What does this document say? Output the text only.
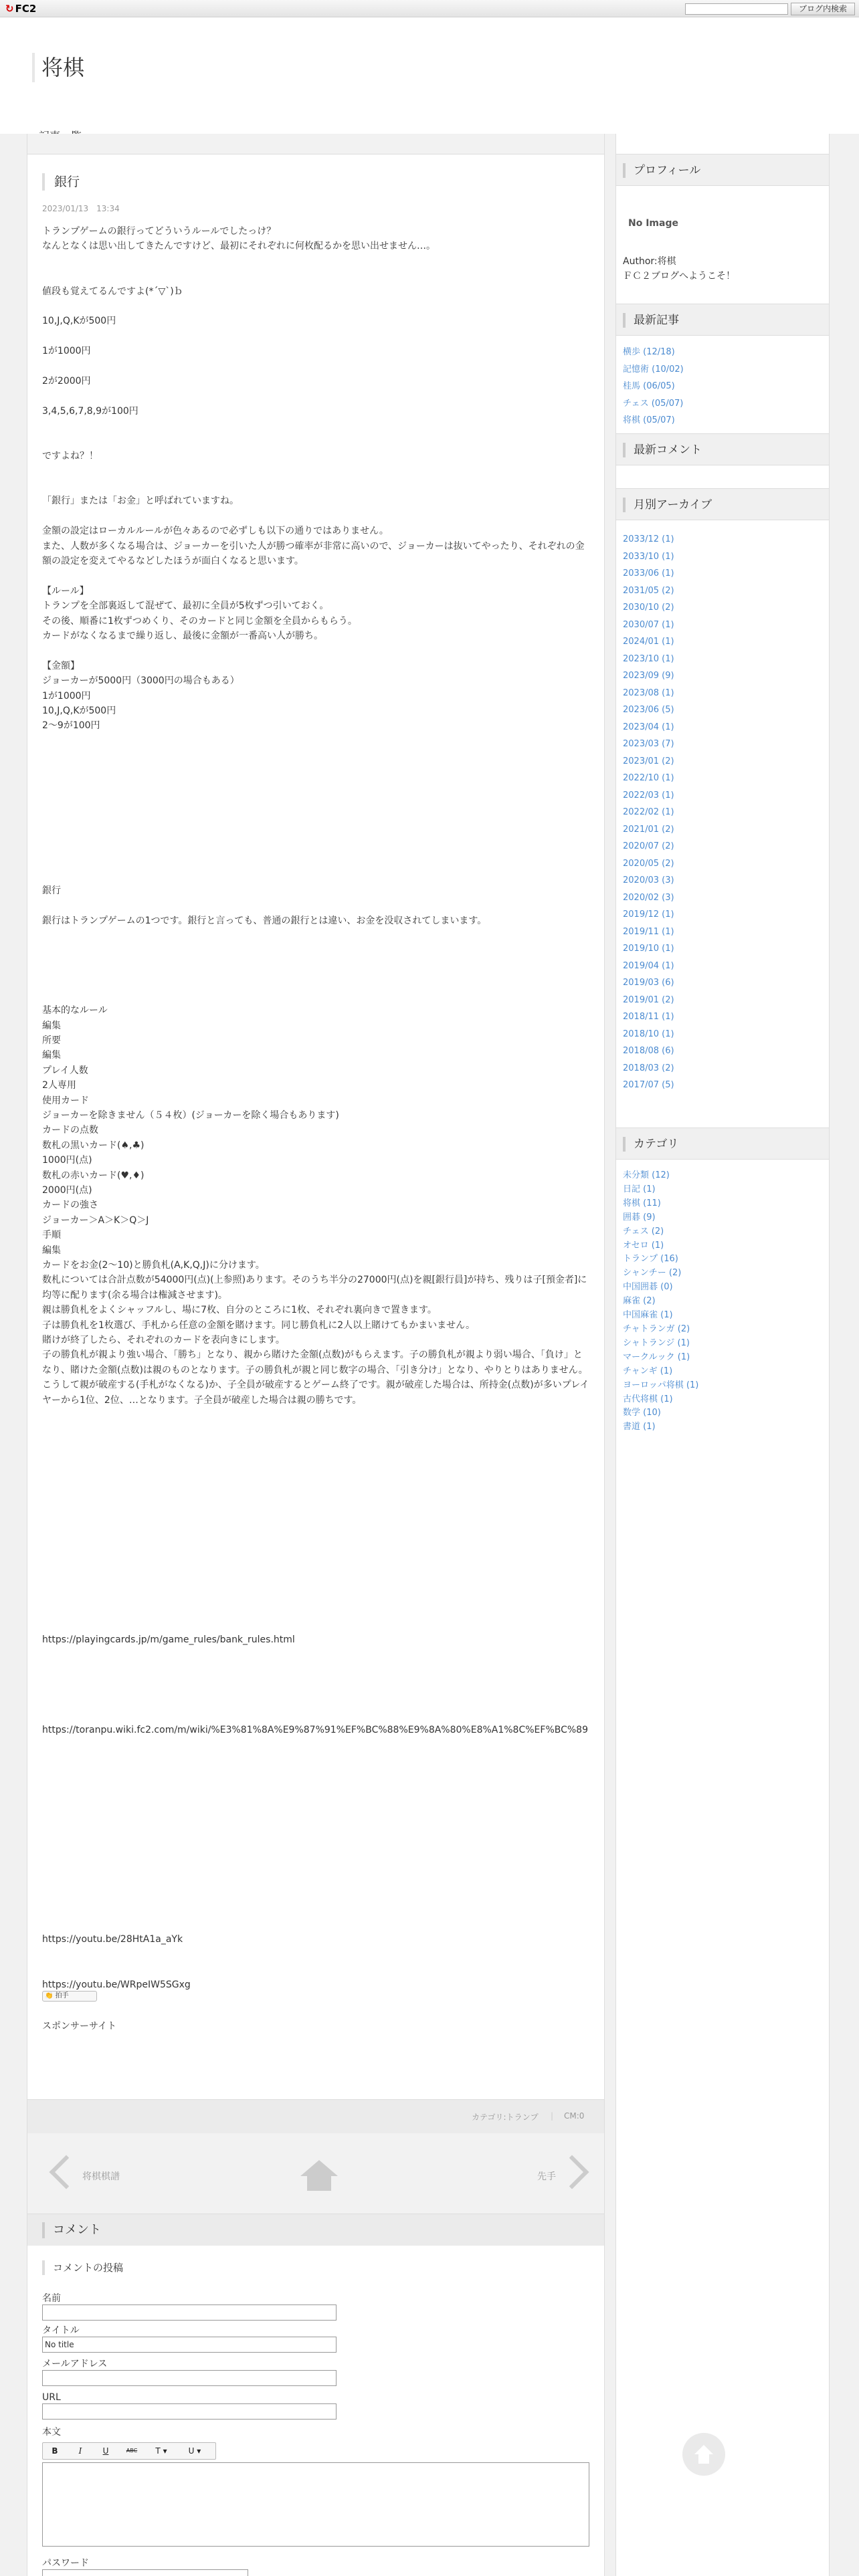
↻ FC2	ブログ内検索
将棋
銀行
2023/01/13　13:34
トランプゲームの銀行ってどういうルールでしたっけ？
なんとなくは思い出してきたんですけど、最初にそれぞれに何枚配るかを思い出せません…。

値段も覚えてるんですよ(*´▽`)ｂ

10,J,Q,Kが500円

1が1000円

2が2000円

3,4,5,6,7,8,9が100円

ですよね？！

「銀行」または「お金」と呼ばれていますね。

金額の設定はローカルルールが色々あるので必ずしも以下の通りではありません。
また、人数が多くなる場合は、ジョーカーを引いた人が勝つ確率が非常に高いので、ジョーカーは抜いてやったり、それぞれの金額の設定を変えてやるなどしたほうが面白くなると思います。

【ルール】
トランプを全部裏返して混ぜて、最初に全員が5枚ずつ引いておく。
その後、順番に1枚ずつめくり、そのカードと同じ金額を全員からもらう。
カードがなくなるまで繰り返し、最後に金額が一番高い人が勝ち。

【金額】
ジョーカーが5000円（3000円の場合もある）
1が1000円
10,J,Q,Kが500円
2～9が100円

銀行

銀行はトランプゲームの1つです。銀行と言っても、普通の銀行とは違い、お金を没収されてしまいます。

基本的なルール
編集
所要
編集
プレイ人数
2人専用
使用カード
ジョーカーを除きません（５４枚）(ジョーカーを除く場合もあります)
カードの点数
数札の黒いカード(♠,♣)
1000円(点)
数札の赤いカード(♥,♦)
2000円(点)
カードの強さ
ジョーカー＞A＞K＞Q＞J
手順
編集
カードをお金(2～10)と勝負札(A,K,Q,J)に分けます。
数札については合計点数が54000円(点)(上参照)あります。そのうち半分の27000円(点)を親[銀行員]が持ち、残りは子[預金者]に均等に配ります(余る場合は権減させます)。
親は勝負札をよくシャッフルし、場に7枚、自分のところに1枚、それぞれ裏向きで置きます。
子は勝負札を1枚選び、手札から任意の金額を賭けます。同じ勝負札に2人以上賭けてもかまいません。
賭けが終了したら、それぞれのカードを表向きにします。
子の勝負札が親より強い場合、「勝ち」となり、親から賭けた金額(点数)がもらえます。子の勝負札が親より弱い場合、「負け」となり、賭けた金額(点数)は親のものとなります。子の勝負札が親と同じ数字の場合、「引き分け」となり、やりとりはありません。
こうして親が破産する(手札がなくなる)か、子全員が破産するとゲーム終了です。親が破産した場合は、所持金(点数)が多いプレイヤーから1位、2位、…となります。子全員が破産した場合は親の勝ちです。

https://playingcards.jp/m/game_rules/bank_rules.html

https://toranpu.wiki.fc2.com/m/wiki/%E3%81%8A%E9%87%91%EF%BC%88%E9%8A%80%E8%A1%8C%EF%BC%89

https://youtu.be/28HtA1a_aYk

https://youtu.be/WRpeIW5SGxg
👏 拍手
スポンサーサイト
カテゴリ:トランプ | CM:0
将棋棋譜	先手
コメント
コメントの投稿
名前
タイトル
No title
メールアドレス
URL
本文
B	I	U	ABC	T ▾	U ▾
パスワード
プロフィール
No Image
Author:将棋
ＦＣ２ブログへようこそ！
最新記事
横歩 (12/18)
記憶術 (10/02)
桂馬 (06/05)
チェス (05/07)
将棋 (05/07)
最新コメント
月別アーカイブ
2033/12 (1)
2033/10 (1)
2033/06 (1)
2031/05 (2)
2030/10 (2)
2030/07 (1)
2024/01 (1)
2023/10 (1)
2023/09 (9)
2023/08 (1)
2023/06 (5)
2023/04 (1)
2023/03 (7)
2023/01 (2)
2022/10 (1)
2022/03 (1)
2022/02 (1)
2021/01 (2)
2020/07 (2)
2020/05 (2)
2020/03 (3)
2020/02 (3)
2019/12 (1)
2019/11 (1)
2019/10 (1)
2019/04 (1)
2019/03 (6)
2019/01 (2)
2018/11 (1)
2018/10 (1)
2018/08 (6)
2018/03 (2)
2017/07 (5)
カテゴリ
未分類 (12)
日記 (1)
将棋 (11)
囲碁 (9)
チェス (2)
オセロ (1)
トランプ (16)
シャンチー (2)
中国囲碁 (0)
麻雀 (2)
中国麻雀 (1)
チャトランガ (2)
シャトランジ (1)
マークルック (1)
チャンギ (1)
ヨーロッパ将棋 (1)
古代将棋 (1)
数学 (10)
書道 (1)
